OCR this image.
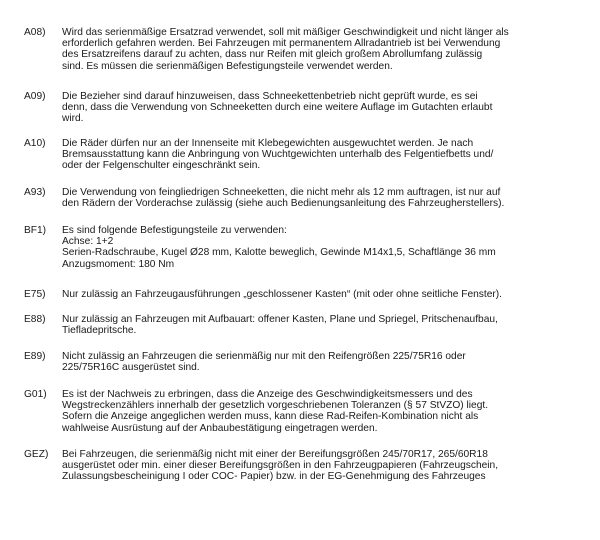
A08)	Wird das serienmäßige Ersatzrad verwendet, soll mit mäßiger Geschwindigkeit und nicht länger als
erforderlich gefahren werden. Bei Fahrzeugen mit permanentem Allradantrieb ist bei Verwendung
des Ersatzreifens darauf zu achten, dass nur Reifen mit gleich großem Abrollumfang zulässig
sind. Es müssen die serienmäßigen Befestigungsteile verwendet werden.
A09)	Die Bezieher sind darauf hinzuweisen, dass Schneekettenbetrieb nicht geprüft wurde, es sei
denn, dass die Verwendung von Schneeketten durch eine weitere Auflage im Gutachten erlaubt
wird.
A10)	Die Räder dürfen nur an der Innenseite mit Klebegewichten ausgewuchtet werden. Je nach
Bremsausstattung kann die Anbringung von Wuchtgewichten unterhalb des Felgentiefbetts und/
oder der Felgenschulter eingeschränkt sein.
A93)	Die Verwendung von feingliedrigen Schneeketten, die nicht mehr als 12 mm auftragen, ist nur auf
den Rädern der Vorderachse zulässig (siehe auch Bedienungsanleitung des Fahrzeugherstellers).
BF1)	Es sind folgende Befestigungsteile zu verwenden:
Achse: 1+2
Serien-Radschraube, Kugel Ø28 mm, Kalotte beweglich, Gewinde M14x1,5, Schaftlänge 36 mm
Anzugsmoment: 180 Nm
E75)	Nur zulässig an Fahrzeugausführungen „geschlossener Kasten“ (mit oder ohne seitliche Fenster).
E88)	Nur zulässig an Fahrzeugen mit Aufbauart: offener Kasten, Plane und Spriegel, Pritschenaufbau,
Tiefladepritsche.
E89)	Nicht zulässig an Fahrzeugen die serienmäßig nur mit den Reifengrößen 225/75R16 oder
225/75R16C ausgerüstet sind.
G01)	Es ist der Nachweis zu erbringen, dass die Anzeige des Geschwindigkeitsmessers und des
Wegstreckenzählers innerhalb der gesetzlich vorgeschriebenen Toleranzen (§ 57 StVZO) liegt.
Sofern die Anzeige angeglichen werden muss, kann diese Rad-Reifen-Kombination nicht als
wahlweise Ausrüstung auf der Anbaubestätigung eingetragen werden.
GEZ)	Bei Fahrzeugen, die serienmäßig nicht mit einer der Bereifungsgrößen 245/70R17, 265/60R18
ausgerüstet oder min. einer dieser Bereifungsgrößen in den Fahrzeugpapieren (Fahrzeugschein,
Zulassungsbescheinigung I oder COC- Papier) bzw. in der EG-Genehmigung des Fahrzeuges
